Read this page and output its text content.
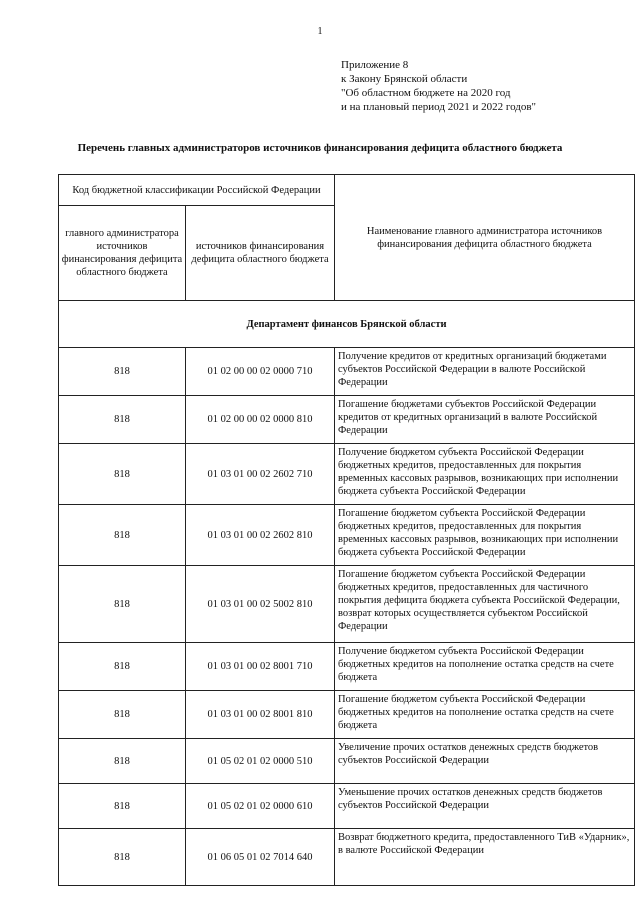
1
Приложение 8
к Закону Брянской области
"Об областном бюджете на 2020 год
и на плановый период 2021 и 2022 годов"
Перечень главных администраторов источников финансирования дефицита областного бюджета
Код бюджетной классификации Российской Федерации		Наименование главного администратора источников финансирования дефицита областного бюджета
главного администратора источников финансирования дефицита областного бюджета	источников финансирования дефицита областного бюджета	
Департамент финансов Брянской области		
818	01 02 00 00 02 0000 710	Получение кредитов от кредитных организаций бюджетами субъектов Российской Федерации в валюте Российской Федерации
818	01 02 00 00 02 0000 810	Погашение бюджетами субъектов Российской Федерации кредитов от кредитных организаций в валюте Российской Федерации
818	01 03 01 00 02 2602 710	Получение бюджетом субъекта Российской Федерации бюджетных кредитов, предоставленных для покрытия временных кассовых разрывов, возникающих при исполнении бюджета субъекта Российской Федерации
818	01 03 01 00 02 2602 810	Погашение бюджетом субъекта Российской Федерации бюджетных кредитов, предоставленных для покрытия временных кассовых разрывов, возникающих при исполнении бюджета субъекта Российской Федерации
818	01 03 01 00 02 5002 810	Погашение бюджетом субъекта Российской Федерации бюджетных кредитов, предоставленных для частичного покрытия дефицита бюджета субъекта Российской Федерации, возврат которых осуществляется субъектом Российской Федерации
818	01 03 01 00 02 8001 710	Получение бюджетом субъекта Российской Федерации бюджетных кредитов на пополнение остатка средств на счете бюджета
818	01 03 01 00 02 8001 810	Погашение бюджетом субъекта Российской Федерации бюджетных кредитов на пополнение остатка средств на счете бюджета
818	01 05 02 01 02 0000 510	Увеличение прочих остатков денежных средств бюджетов субъектов Российской Федерации
818	01 05 02 01 02 0000 610	Уменьшение прочих остатков денежных средств бюджетов субъектов Российской Федерации
818	01 06 05 01 02 7014 640	Возврат бюджетного кредита, предоставленного ТиВ «Ударник», в валюте Российской Федерации
